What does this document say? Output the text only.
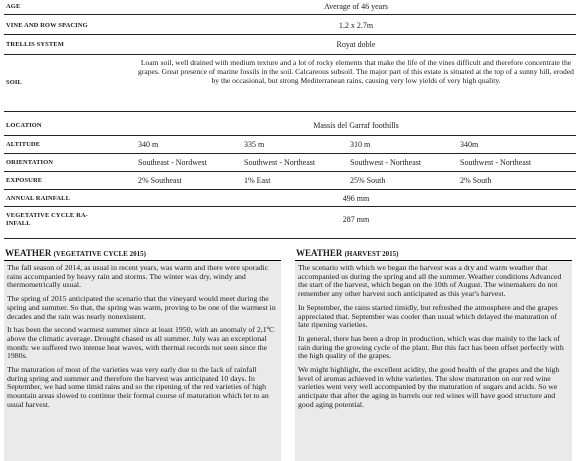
AGE	Average of 46 years
VINE AND ROW SPACING	1.2 x 2.7m
TRELLIS SYSTEM	Royat doble
SOIL
Loam soil, well drained with medium texture and a lot of rocky elements that make the life of the vines difficult and therefore concentrate the grapes. Great presence of marine fossils in the soil. Calcareous subsoil. The major part of this estate is situated at the top of a sunny hill, eroded by the occasional, but strong Mediterranean rains, causing very low yields of very high quality.
LOCATION	Massís del Garraf foothills
ALTITUDE	340 m	335 m	310 m	340m
ORIENTATION	Southeast - Nordwest	Southwest - Northeast	Southwest - Northeast	Southwest - Northeast
EXPOSURE	2% Southeast	1% East	25% South	2% South
ANNUAL RAINFALL	496 mm
VEGETATIVE CYCLE RA-
INFALL	287 mm
WEATHER (VEGETATIVE CYCLE 2015)

The fall season of 2014, as usual in recent years, was warm and there were sporadic rains accompanied by heavy rain and storms. The winter was dry, windy and thermometrically usual.

The spring of 2015 anticipated the scenario that the vineyard would meet during the spring and summer. So that, the spring was warm, proving to be one of the warmest in decades and the rain was nearly nonexistent.

It has been the second warmest summer since at least 1950, with an anomaly of 2,1ºC above the climatic average. Drought chased us all summer. July was an exceptional month: we suffered two intense heat waves, with thermal records not seen since the 1980s.

The maturation of most of the varieties was very early due to the lack of rainfall during spring and summer and therefore the harvest was anticipated 10 days. In September, we had some timid rains and so the ripening of the red varieties of high mountain areas slowed to continue their formal course of maturation which let to an usual harvest.

WEATHER (HARVEST 2015)

The scenario with which we began the harvest was a dry and warm weather that accompanied us during the spring and all the summer. Weather conditions Advanced the start of the harvest, which began on the 10th of August. The winemakers do not remember any other harvest such anticipated as this year's harvest.

In September, the rains started timidly, but refreshed the atmosphere and the grapes appreciated that. September was cooler than usual which delayed the maturation of late ripening varieties.

In general, there has been a drop in production, which was due mainly to the lack of rain during the growing cycle of the plant. But this fact has been offset perfectly with the high quality of the grapes.

We might highlight, the excellent acidity, the good health of the grapes and the high level of aromas achieved in white varieties. The slow maturation on our red wine varieties went very well accompanied by the maturation of sugars and acids. So we anticipate that after the aging in barrels our red wines will have good structure and good aging potential.
